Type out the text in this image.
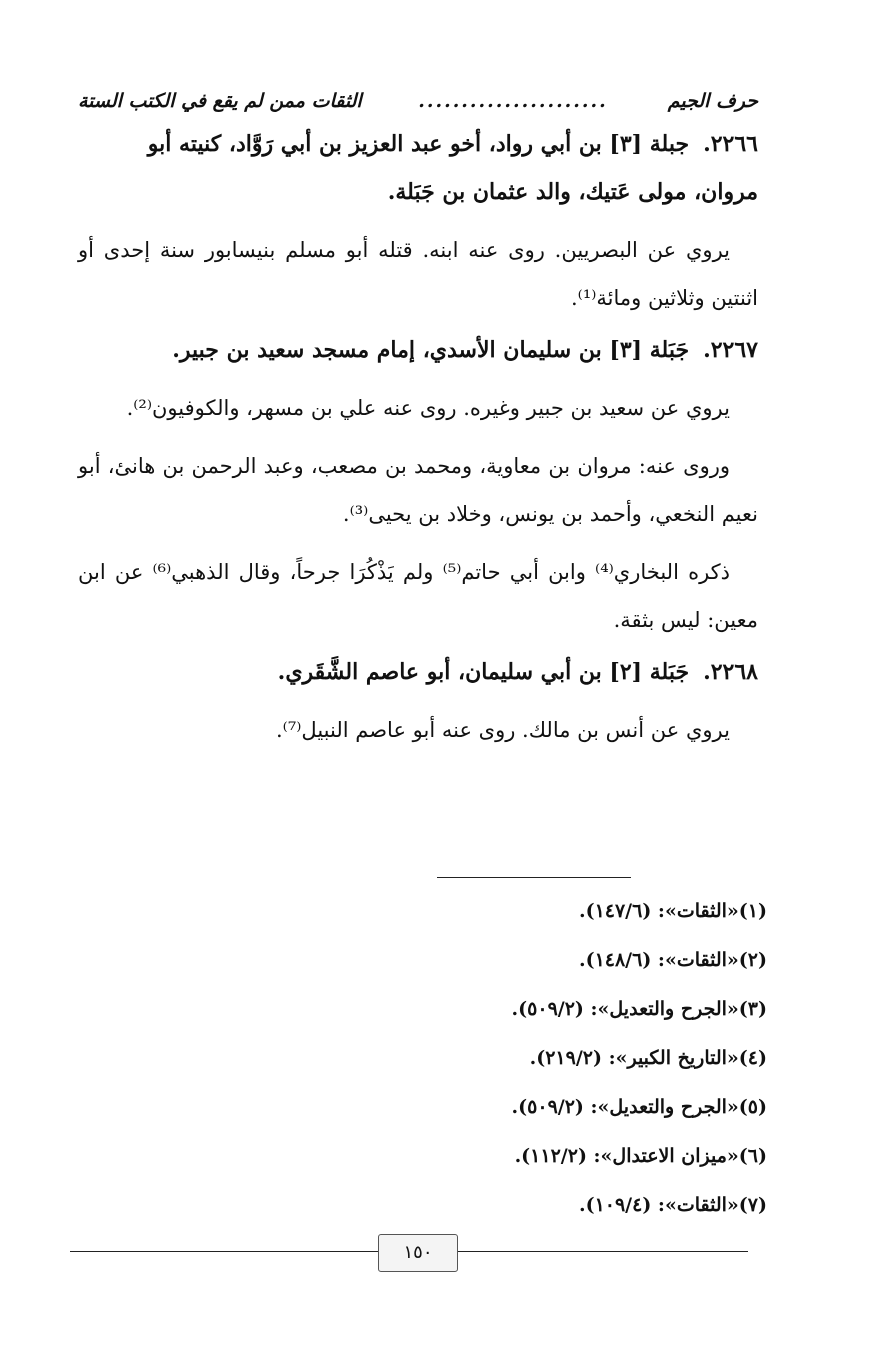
حرف الجيم
......................
الثقات ممن لم يقع في الكتب الستة
٢٢٦٦.جبلة [٣] بن أبي رواد، أخو عبد العزيز بن أبي رَوَّاد، كنيته أبو مروان، مولى عَتيك، والد عثمان بن جَبَلة.

يروي عن البصريين. روى عنه ابنه. قتله أبو مسلم بنيسابور سنة إحدى أو اثنتين وثلاثين ومائة⁽¹⁾.

٢٢٦٧.جَبَلة [٣] بن سليمان الأسدي، إمام مسجد سعيد بن جبير.

يروي عن سعيد بن جبير وغيره. روى عنه علي بن مسهر، والكوفيون⁽²⁾.

وروى عنه: مروان بن معاوية، ومحمد بن مصعب، وعبد الرحمن بن هانئ، أبو نعيم النخعي، وأحمد بن يونس، وخلاد بن يحيى⁽³⁾.

ذكره البخاري⁽⁴⁾ وابن أبي حاتم⁽⁵⁾ ولم يَذْكُرَا جرحاً، وقال الذهبي⁽⁶⁾ عن ابن معين: ليس بثقة.

٢٢٦٨.جَبَلة [٢] بن أبي سليمان، أبو عاصم الشَّقَري.

يروي عن أنس بن مالك. روى عنه أبو عاصم النبيل⁽⁷⁾.

(١)«الثقات»: (١٤٧/٦).
(٢)«الثقات»: (١٤٨/٦).
(٣)«الجرح والتعديل»: (٥٠٩/٢).
(٤)«التاريخ الكبير»: (٢١٩/٢).
(٥)«الجرح والتعديل»: (٥٠٩/٢).
(٦)«ميزان الاعتدال»: (١١٢/٢).
(٧)«الثقات»: (١٠٩/٤).
١٥٠
